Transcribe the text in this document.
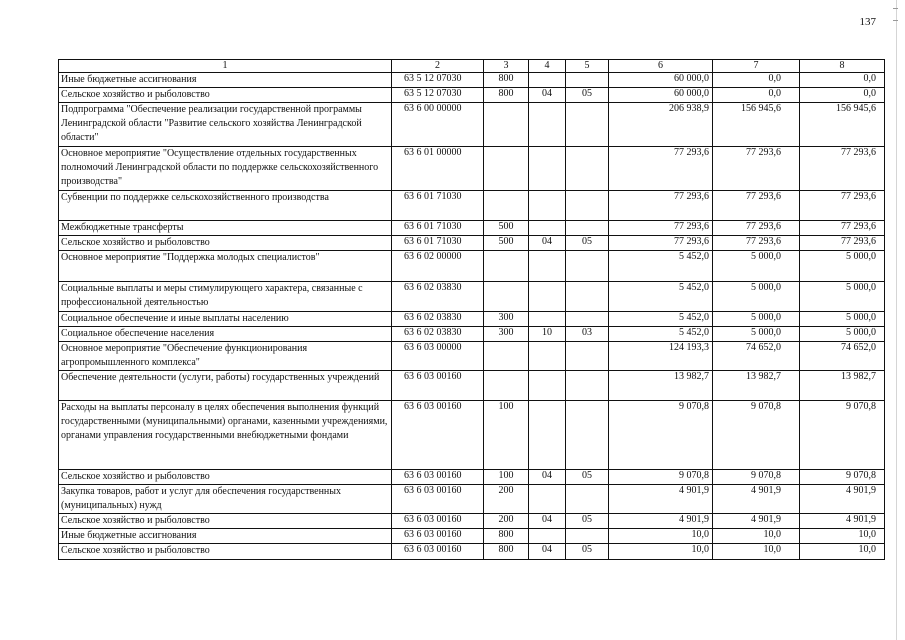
137
1	2	3	4	5	6	7	8
Иные бюджетные ассигнования	63 5 12 07030	800			60 000,0	0,0	0,0
Сельское хозяйство и рыболовство	63 5 12 07030	800	04	05	60 000,0	0,0	0,0
Подпрограмма "Обеспечение реализации государственной программы Ленинградской области "Развитие сельского хозяйства Ленинградской области"	63 6 00 00000				206 938,9	156 945,6	156 945,6
Основное мероприятие "Осуществление отдельных государственных полномочий Ленинградской области по поддержке сельскохозяйственного производства"	63 6 01 00000				77 293,6	77 293,6	77 293,6
Субвенции по поддержке сельскохозяйственного производства	63 6 01 71030				77 293,6	77 293,6	77 293,6
Межбюджетные трансферты	63 6 01 71030	500			77 293,6	77 293,6	77 293,6
Сельское хозяйство и рыболовство	63 6 01 71030	500	04	05	77 293,6	77 293,6	77 293,6
Основное мероприятие "Поддержка молодых специалистов"	63 6 02 00000				5 452,0	5 000,0	5 000,0
Социальные выплаты и меры стимулирующего характера, связанные с профессиональной деятельностью	63 6 02 03830				5 452,0	5 000,0	5 000,0
Социальное обеспечение и иные выплаты населению	63 6 02 03830	300			5 452,0	5 000,0	5 000,0
Социальное обеспечение населения	63 6 02 03830	300	10	03	5 452,0	5 000,0	5 000,0
Основное мероприятие "Обеспечение функционирования агропромышленного комплекса"	63 6 03 00000				124 193,3	74 652,0	74 652,0
Обеспечение деятельности (услуги, работы) государственных учреждений	63 6 03 00160				13 982,7	13 982,7	13 982,7
Расходы на выплаты персоналу в целях обеспечения выполнения функций государственными (муниципальными) органами, казенными учреждениями, органами управления государственными внебюджетными фондами	63 6 03 00160	100			9 070,8	9 070,8	9 070,8
Сельское хозяйство и рыболовство	63 6 03 00160	100	04	05	9 070,8	9 070,8	9 070,8
Закупка товаров, работ и услуг для обеспечения государственных (муниципальных) нужд	63 6 03 00160	200			4 901,9	4 901,9	4 901,9
Сельское хозяйство и рыболовство	63 6 03 00160	200	04	05	4 901,9	4 901,9	4 901,9
Иные бюджетные ассигнования	63 6 03 00160	800			10,0	10,0	10,0
Сельское хозяйство и рыболовство	63 6 03 00160	800	04	05	10,0	10,0	10,0
